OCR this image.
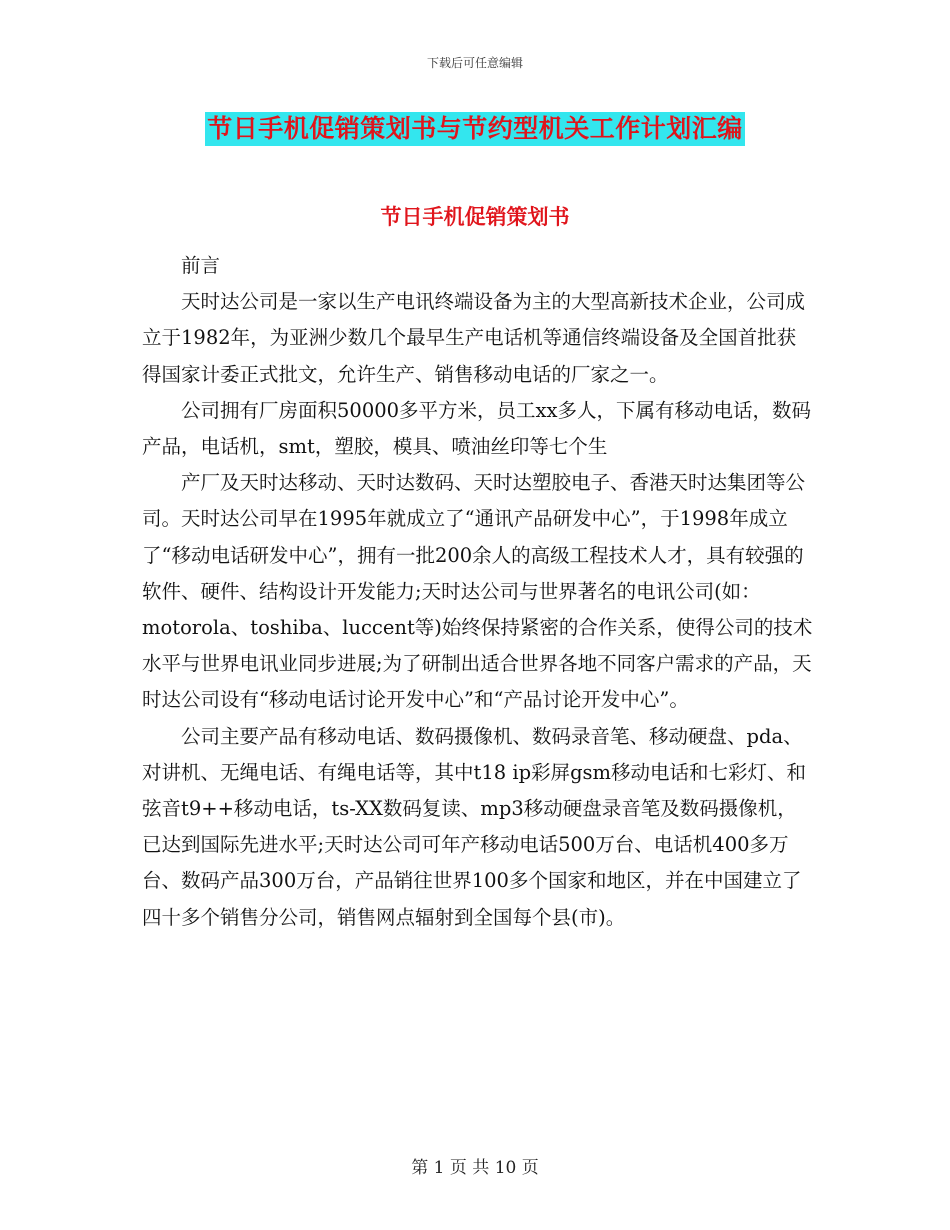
下载后可任意编辑
节日手机促销策划书与节约型机关工作计划汇编
节日手机促销策划书

前言

天时达公司是一家以生产电讯终端设备为主的大型高新技术企业，公司成立于1982年，为亚洲少数几个最早生产电话机等通信终端设备及全国首批获得国家计委正式批文，允许生产、销售移动电话的厂家之一。

公司拥有厂房面积50000多平方米，员工xx多人，下属有移动电话，数码产品，电话机，smt，塑胶，模具、喷油丝印等七个生

产厂及天时达移动、天时达数码、天时达塑胶电子、香港天时达集团等公司。天时达公司早在1995年就成立了“通讯产品研发中心”，于1998年成立了“移动电话研发中心”，拥有一批200余人的高级工程技术人才，具有较强的软件、硬件、结构设计开发能力;天时达公司与世界著名的电讯公司(如：motorola、toshiba、luccent等)始终保持紧密的合作关系，使得公司的技术水平与世界电讯业同步进展;为了研制出适合世界各地不同客户需求的产品，天时达公司设有“移动电话讨论开发中心”和“产品讨论开发中心”。

公司主要产品有移动电话、数码摄像机、数码录音笔、移动硬盘、pda、对讲机、无绳电话、有绳电话等，其中t18 ip彩屏gsm移动电话和七彩灯、和弦音t9++移动电话，ts-XX数码复读、mp3移动硬盘录音笔及数码摄像机，已达到国际先进水平;天时达公司可年产移动电话500万台、电话机400多万台、数码产品300万台，产品销往世界100多个国家和地区，并在中国建立了四十多个销售分公司，销售网点辐射到全国每个县(市)。

第 1 页 共 10 页
